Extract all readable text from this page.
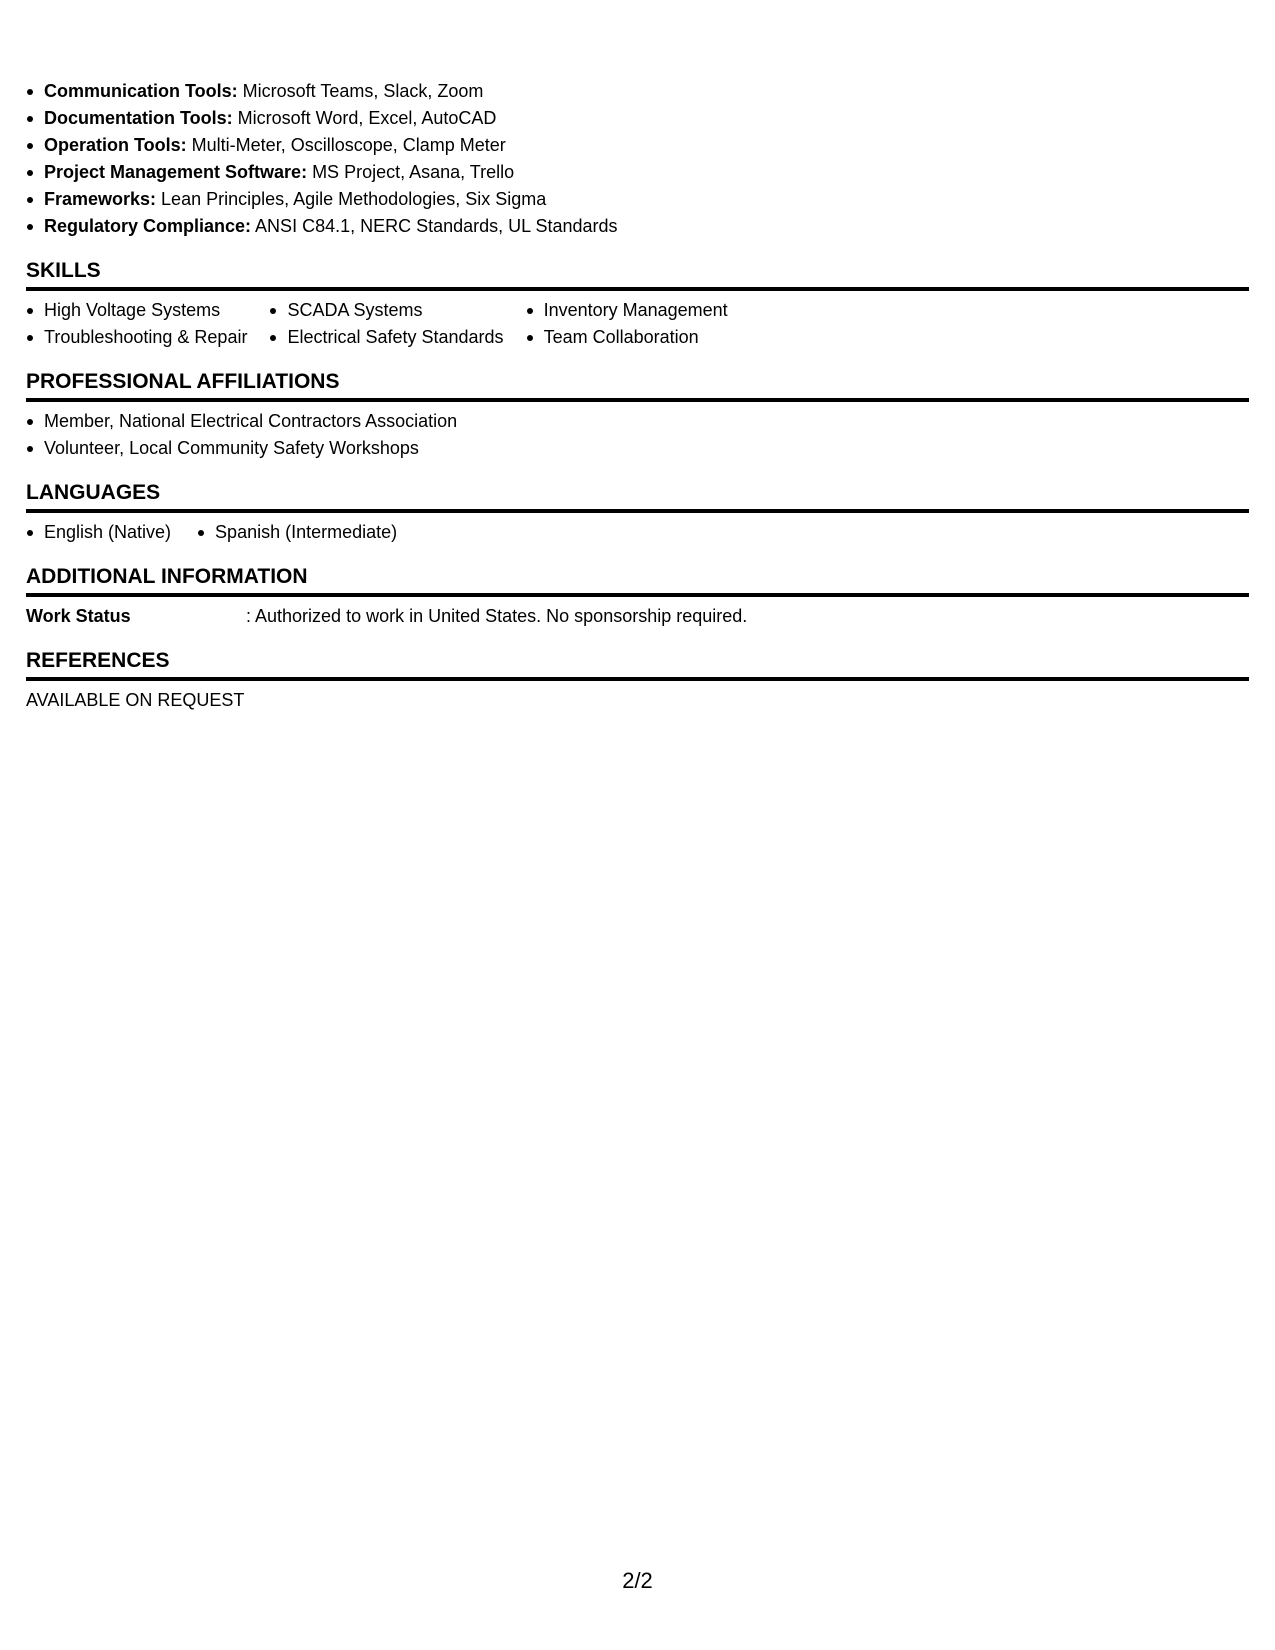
Communication Tools: Microsoft Teams, Slack, Zoom
Documentation Tools: Microsoft Word, Excel, AutoCAD
Operation Tools: Multi-Meter, Oscilloscope, Clamp Meter
Project Management Software: MS Project, Asana, Trello
Frameworks: Lean Principles, Agile Methodologies, Six Sigma
Regulatory Compliance: ANSI C84.1, NERC Standards, UL Standards
SKILLS
High Voltage Systems
Troubleshooting & Repair
SCADA Systems
Electrical Safety Standards
Inventory Management
Team Collaboration
PROFESSIONAL AFFILIATIONS
Member, National Electrical Contractors Association
Volunteer, Local Community Safety Workshops
LANGUAGES
English (Native)	Spanish (Intermediate)
ADDITIONAL INFORMATION
Work Status	: Authorized to work in United States. No sponsorship required.
REFERENCES
AVAILABLE ON REQUEST
2/2
